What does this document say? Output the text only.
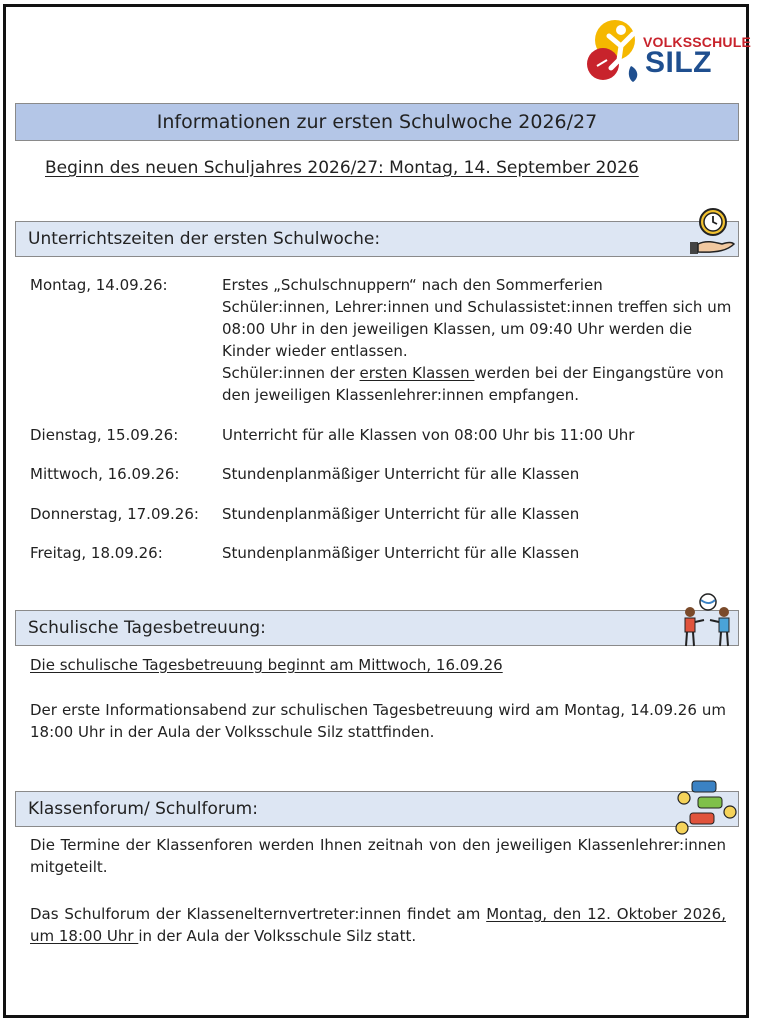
VOLKSSCHULE
SILZ
Informationen zur ersten Schulwoche 2026/27
Beginn des neuen Schuljahres 2026/27: Montag, 14. September 2026
Unterrichtszeiten der ersten Schulwoche:
Montag, 14.09.26:	Erstes „Schulschnuppern“ nach den Sommerferien
Schüler:innen, Lehrer:innen und Schulassistet:innen treffen sich um
08:00 Uhr in den jeweiligen Klassen, um 09:40 Uhr werden die
Kinder wieder entlassen.
Schüler:innen der ersten Klassen werden bei der Eingangstüre von
den jeweiligen Klassenlehrer:innen empfangen.
Dienstag, 15.09.26:	Unterricht für alle Klassen von 08:00 Uhr bis 11:00 Uhr
Mittwoch, 16.09.26:	Stundenplanmäßiger Unterricht für alle Klassen
Donnerstag, 17.09.26:	Stundenplanmäßiger Unterricht für alle Klassen
Freitag, 18.09.26:	Stundenplanmäßiger Unterricht für alle Klassen
Schulische Tagesbetreuung:
Die schulische Tagesbetreuung beginnt am Mittwoch, 16.09.26
Der erste Informationsabend zur schulischen Tagesbetreuung wird am Montag, 14.09.26 um 18:00 Uhr in der Aula der Volksschule Silz stattfinden.
Klassenforum/ Schulforum:
Die Termine der Klassenforen werden Ihnen zeitnah von den jeweiligen Klassenlehrer:innen mitgeteilt.
Das Schulforum der Klassenelternvertreter:innen findet am Montag, den 12. Oktober 2026, um 18:00 Uhr in der Aula der Volksschule Silz statt.
